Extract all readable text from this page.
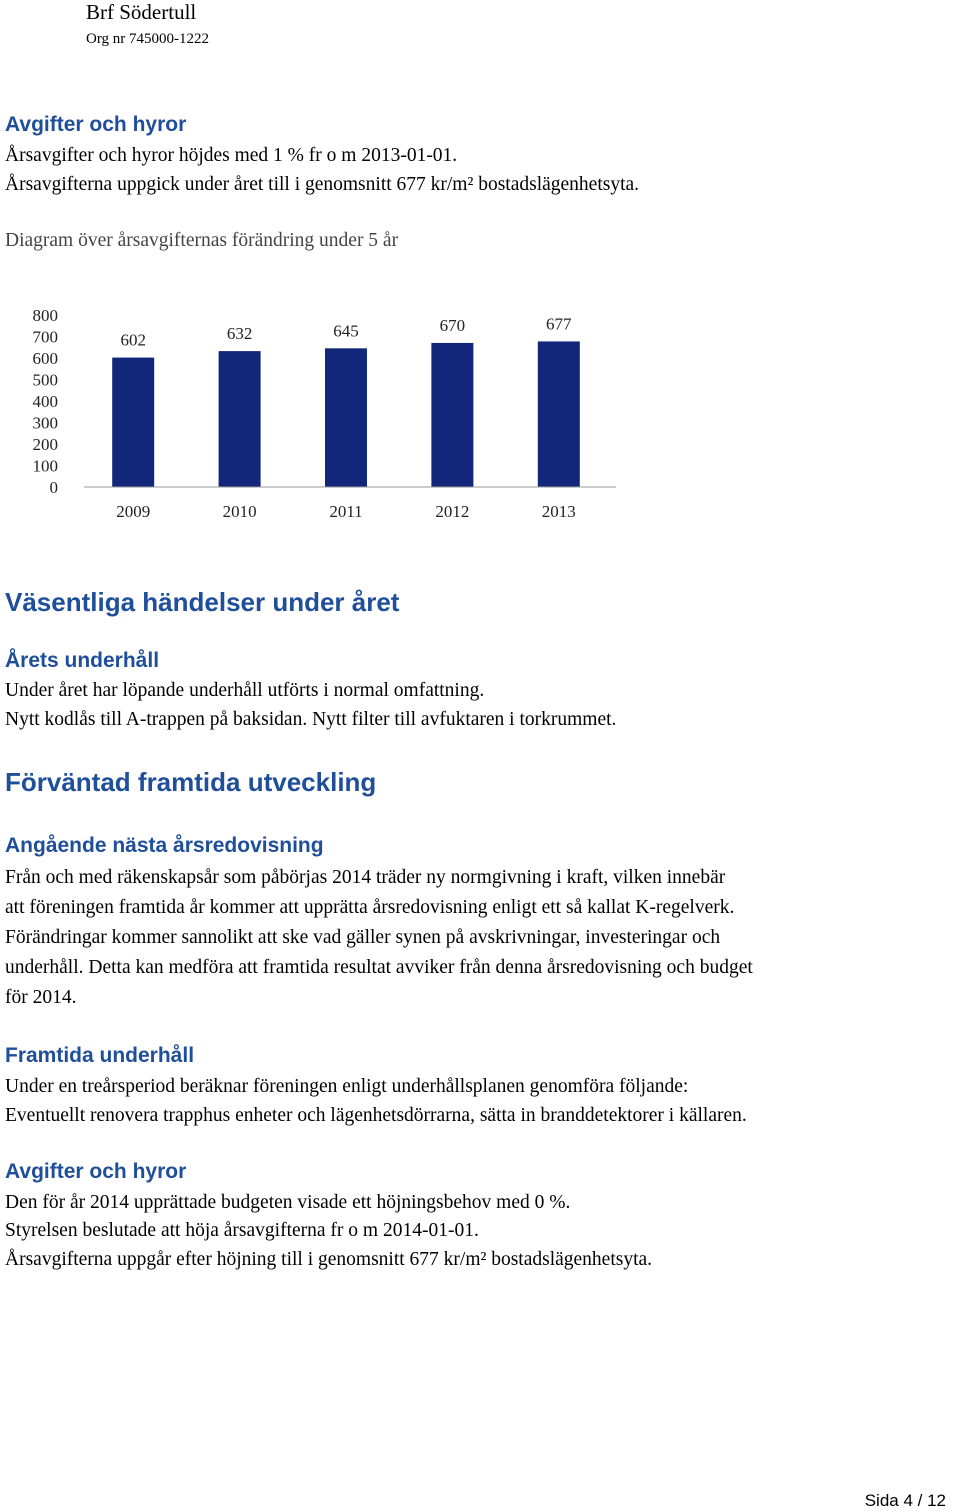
Brf Södertull
Org nr 745000-1222
Avgifter och hyror
Årsavgifter och hyror höjdes med 1 % fr o m 2013-01-01.
Årsavgifterna uppgick under året till i genomsnitt 677 kr/m² bostadslägenhetsyta.
Diagram över årsavgifternas förändring under 5 år
800
700
600
500
400
300
200
100
0
602	632	645	670	677
2009	2010	2011	2012	2013
Väsentliga händelser under året
Årets underhåll
Under året har löpande underhåll utförts i normal omfattning.
Nytt kodlås till A-trappen på baksidan. Nytt filter till avfuktaren i torkrummet.
Förväntad framtida utveckling
Angående nästa årsredovisning
Från och med räkenskapsår som påbörjas 2014 träder ny normgivning i kraft, vilken innebär
att föreningen framtida år kommer att upprätta årsredovisning enligt ett så kallat K-regelverk.
Förändringar kommer sannolikt att ske vad gäller synen på avskrivningar, investeringar och
underhåll. Detta kan medföra att framtida resultat avviker från denna årsredovisning och budget
för 2014.
Framtida underhåll
Under en treårsperiod beräknar föreningen enligt underhållsplanen genomföra följande:
Eventuellt renovera trapphus enheter och lägenhetsdörrarna, sätta in branddetektorer i källaren.
Avgifter och hyror
Den för år 2014 upprättade budgeten visade ett höjningsbehov med 0 %.
Styrelsen beslutade att höja årsavgifterna fr o m 2014-01-01.
Årsavgifterna uppgår efter höjning till i genomsnitt 677 kr/m² bostadslägenhetsyta.
Sida 4 / 12
